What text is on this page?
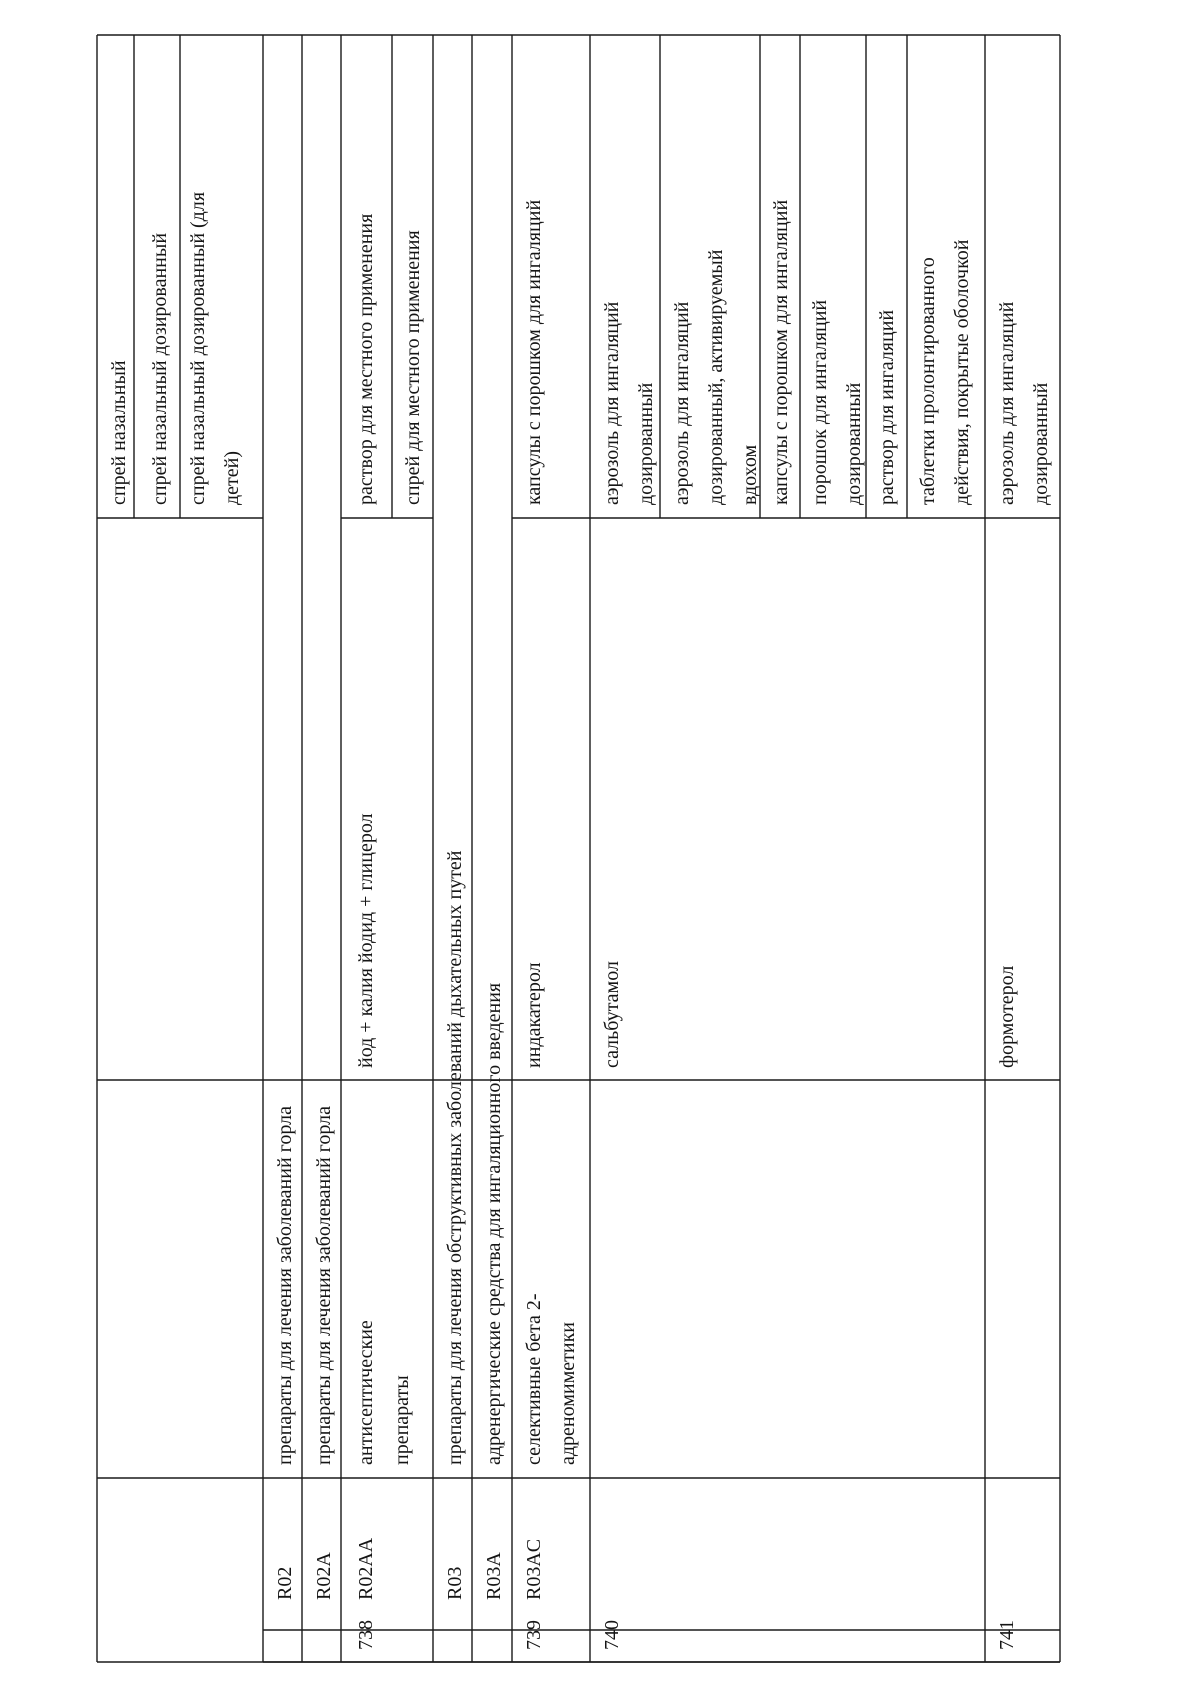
спрей назальный спрей назальный дозированный спрей назальный дозированный (для детей)
R02
препараты для лечения заболеваний горла
R02A
препараты для лечения заболеваний горла
738
R02AA
антисептические препараты
йод + калия йодид + глицерол
раствор для местного применения спрей для местного применения
R03
препараты для лечения обструктивных заболеваний дыхательных путей
R03A
адренергические средства для ингаляционного введения
739
R03AC
селективные бета 2- адреномиметики
индакатерол
капсулы с порошком для ингаляций
740
сальбутамол
аэрозоль для ингаляций дозированный аэрозоль для ингаляций дозированный, активируемый вдохом капсулы с порошком для ингаляций порошок для ингаляций дозированный раствор для ингаляций таблетки пролонгированного действия, покрытые оболочкой
741
формотерол
аэрозоль для ингаляций дозированный
